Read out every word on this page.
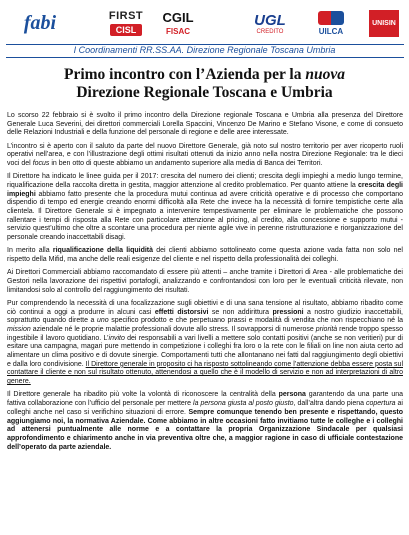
fabi	FIRST
CISL
CGIL
FISAC
UGL
CREDITO	UILCA
UNISIN
I Coordinamenti RR.SS.AA. Direzione Regionale Toscana Umbria
Primo incontro con l’Azienda per la nuova
Direzione Regionale Toscana e Umbria

Lo scorso 22 febbraio si è svolto il primo incontro della Direzione regionale Toscana e Umbria alla presenza del Direttore Generale Luca Severini, dei direttori commerciali Lorella Spaccini, Vincenzo De Marino e Stefano Visone, e come di consueto delle Relazioni Industriali e della funzione del personale di regione e delle aree interessate.

L’incontro si è aperto con il saluto da parte del nuovo Direttore Generale, già noto sul nostro territorio per aver ricoperto ruoli operativi nell’area, e con l’illustrazione degli ottimi risultati ottenuti da inizio anno nella nostra Direzione Regionale: tra le dieci voci del focus in ben otto di queste abbiamo un andamento superiore alla media di Banca dei Territori.

Il Direttore ha indicato le linee guida per il 2017: crescita del numero dei clienti; crescita degli impieghi a medio lungo termine, riqualificazione della raccolta diretta in gestita, maggior attenzione al credito problematico. Per quanto attiene la crescita degli impieghi abbiamo fatto presente che la procedura mutui continua ad avere criticità operative e di processo che comportano dispendio di tempo ed energie creando enormi difficoltà alla Rete che invece ha la necessità di fornire tempistiche certe alla clientela. Il Direttore Generale si è impegnato a intervenire tempestivamente per eliminare le problematiche che possono rallentare i tempi di risposta alla Rete con particolare attenzione al pricing, al credito, alla concessione e supporto mutui - servizio quest’ultimo che oltre a scontare una procedura per niente agile vive in perenne ristrutturazione e riorganizzazione del personale creando inaccettabili disagi.

In merito alla riqualificazione della liquidità dei clienti abbiamo sottolineato come questa azione vada fatta non solo nel rispetto della Mifid, ma anche delle reali esigenze del cliente e nel rispetto della professionalità dei colleghi.

Ai Direttori Commerciali abbiamo raccomandato di essere più attenti – anche tramite i Direttori di Area - alle problematiche dei Gestori nella lavorazione dei rispettivi portafogli, analizzando e confrontandosi con loro per le eventuali criticità rilevate, non limitandosi solo al controllo del raggiungimento dei risultati.

Pur comprendendo la necessità di una focalizzazione sugli obiettivi e di una sana tensione al risultato, abbiamo ribadito come ciò continui a oggi a produrre in alcuni casi effetti distorsivi se non addirittura pressioni a nostro giudizio inaccettabili, soprattutto quando dirette a uno specifico prodotto e che perpetuano prassi e modalità di vendita che non rispecchiano né la mission aziendale né le proprie malattie professionali dovute allo stress. Il sovrapporsi di numerose priorità rende troppo spesso ingestibile il lavoro quotidiano. L’invito dei responsabili a vari livelli a mettere solo contatti positivi (anche se non veritieri) pur di esitare una campagna, magari pure mettendo in competizione i colleghi fra loro o la rete con le filiali on line non aiuta certo ad alimentare un clima positivo e di dovute sinergie. Comportamenti tutti che allontanano nei fatti dal raggiungimento degli obiettivi e dalla loro condivisione. Il Direttore generale in proposito ci ha risposto sottolineando come l’attenzione debba essere posta sul contattare il cliente e non sul risultato ottenuto, attenendosi a quello che è il modello di servizio e non ad interpretazioni di altro genere.

Il Direttore generale ha ribadito più volte la volontà di riconoscere la centralità della persona garantendo da una parte una fattiva collaborazione con l’ufficio del personale per mettere la persona giusta al posto giusto, dall’altra dando piena copertura ai colleghi anche nel caso si verifichino situazioni di errore. Sempre comunque tenendo ben presente e rispettando, questo aggiungiamo noi, la normativa Aziendale. Come abbiamo in altre occasioni fatto invitiamo tutte le colleghe e i colleghi ad attenersi puntualmente alle norme e a contattare la propria Organizzazione Sindacale per qualsiasi approfondimento e chiarimento anche in via preventiva oltre che, a maggior ragione in caso di ufficiale contestazione dell’operato da parte aziendale.
